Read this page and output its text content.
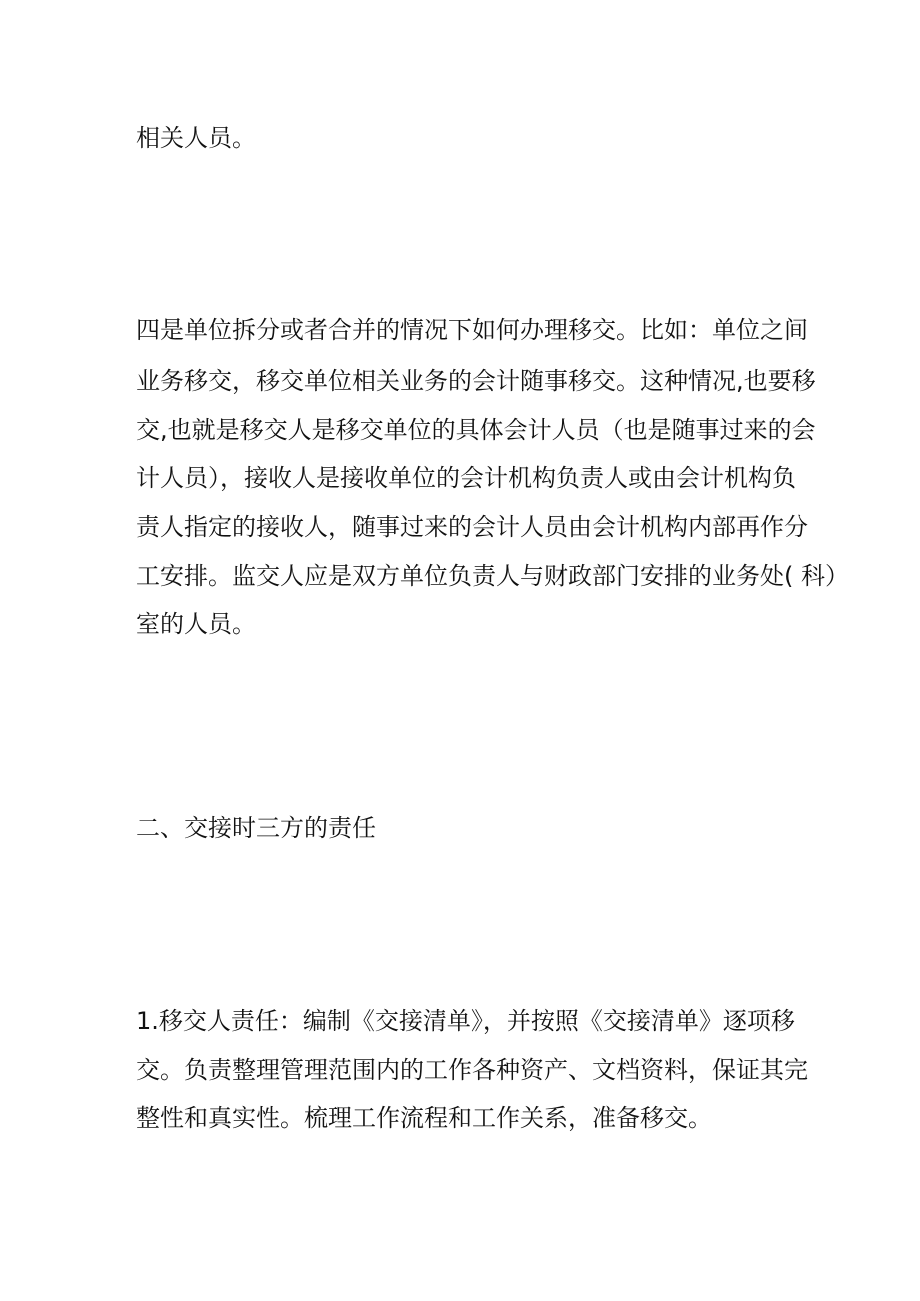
相关人员。
四是单位拆分或者合并的情况下如何办理移交。比如：单位之间
业务移交，移交单位相关业务的会计随事移交。这种情况,也要移
交,也就是移交人是移交单位的具体会计人员（也是随事过来的会
计人员），接收人是接收单位的会计机构负责人或由会计机构负
责人指定的接收人，随事过来的会计人员由会计机构内部再作分
工安排。监交人应是双方单位负责人与财政部门安排的业务处( 科）
室的人员。
二、交接时三方的责任
1.移交人责任：编制《交接清单》，并按照《交接清单》逐项移
交。负责整理管理范围内的工作各种资产、文档资料，保证其完
整性和真实性。梳理工作流程和工作关系，准备移交。
